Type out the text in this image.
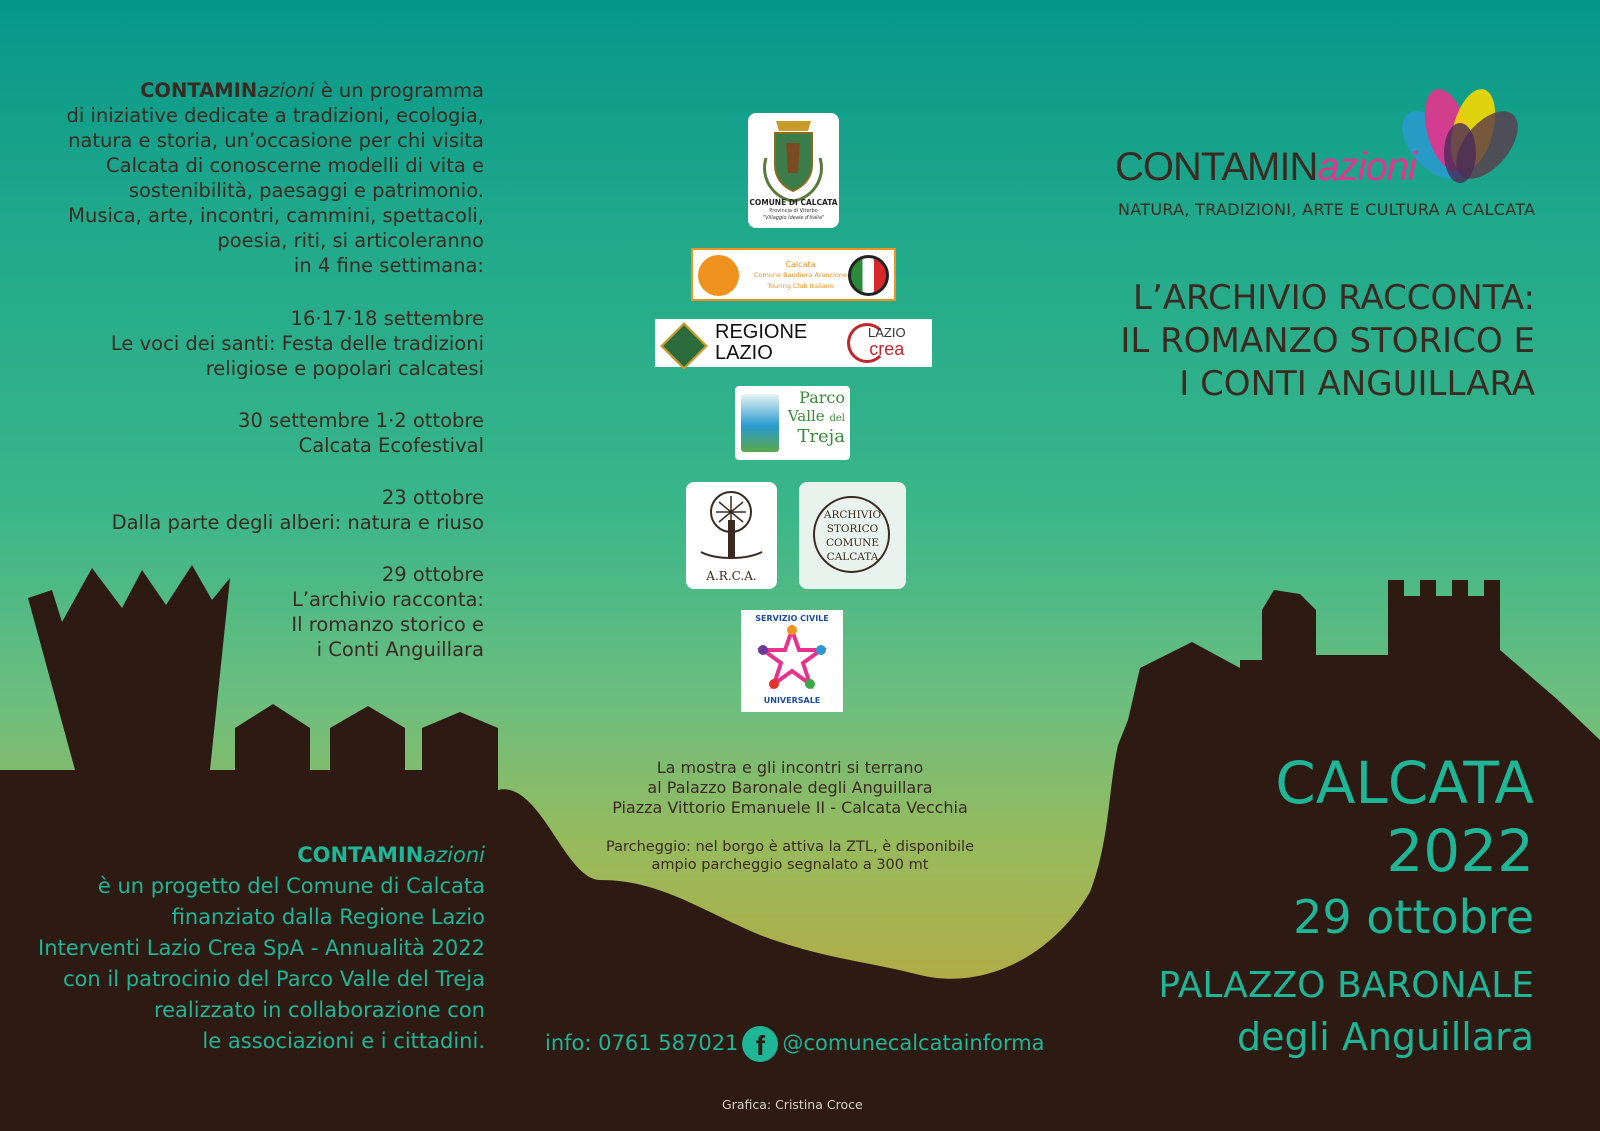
CONTAMINazioni è un programma
di iniziative dedicate a tradizioni, ecologia,
natura e storia, un’occasione per chi visita
Calcata di conoscerne modelli di vita e
sostenibilità, paesaggi e patrimonio.
Musica, arte, incontri, cammini, spettacoli,
poesia, riti, si articoleranno
in 4 fine settimana:
16·17·18 settembre
Le voci dei santi: Festa delle tradizioni
religiose e popolari calcatesi
30 settembre 1·2 ottobre
Calcata Ecofestival
23 ottobre
Dalla parte degli alberi: natura e riuso
29 ottobre
L’archivio racconta:
Il romanzo storico e
i Conti Anguillara
COMUNE DI CALCATA
Provincia di Viterbo
"Villaggio Ideale d'Italia"
Calcata
Comune Bandiera Arancione
Touring Club Italiano
REGIONE
LAZIO
LAZIO
crea
Parco
Valle del
Treja
A.R.C.A.
ARCHIVIO
STORICO
COMUNE
CALCATA
SERVIZIO CIVILE
UNIVERSALE
La mostra e gli incontri si terrano
al Palazzo Baronale degli Anguillara
Piazza Vittorio Emanuele II - Calcata Vecchia
Parcheggio: nel borgo è attiva la ZTL, è disponibile
ampio parcheggio segnalato a 300 mt
CONTAMINazioni
NATURA, TRADIZIONI, ARTE E CULTURA A CALCATA
L’ARCHIVIO RACCONTA:
IL ROMANZO STORICO E
I CONTI ANGUILLARA
CALCATA
2022
29 ottobre
PALAZZO BARONALE
degli Anguillara
CONTAMINazioni
è un progetto del Comune di Calcata
finanziato dalla Regione Lazio
Interventi Lazio Crea SpA - Annualità 2022
con il patrocinio del Parco Valle del Treja
realizzato in collaborazione con
le associazioni e i cittadini.	info: 0761 587021 f @comunecalcatainforma
Grafica: Cristina Croce
